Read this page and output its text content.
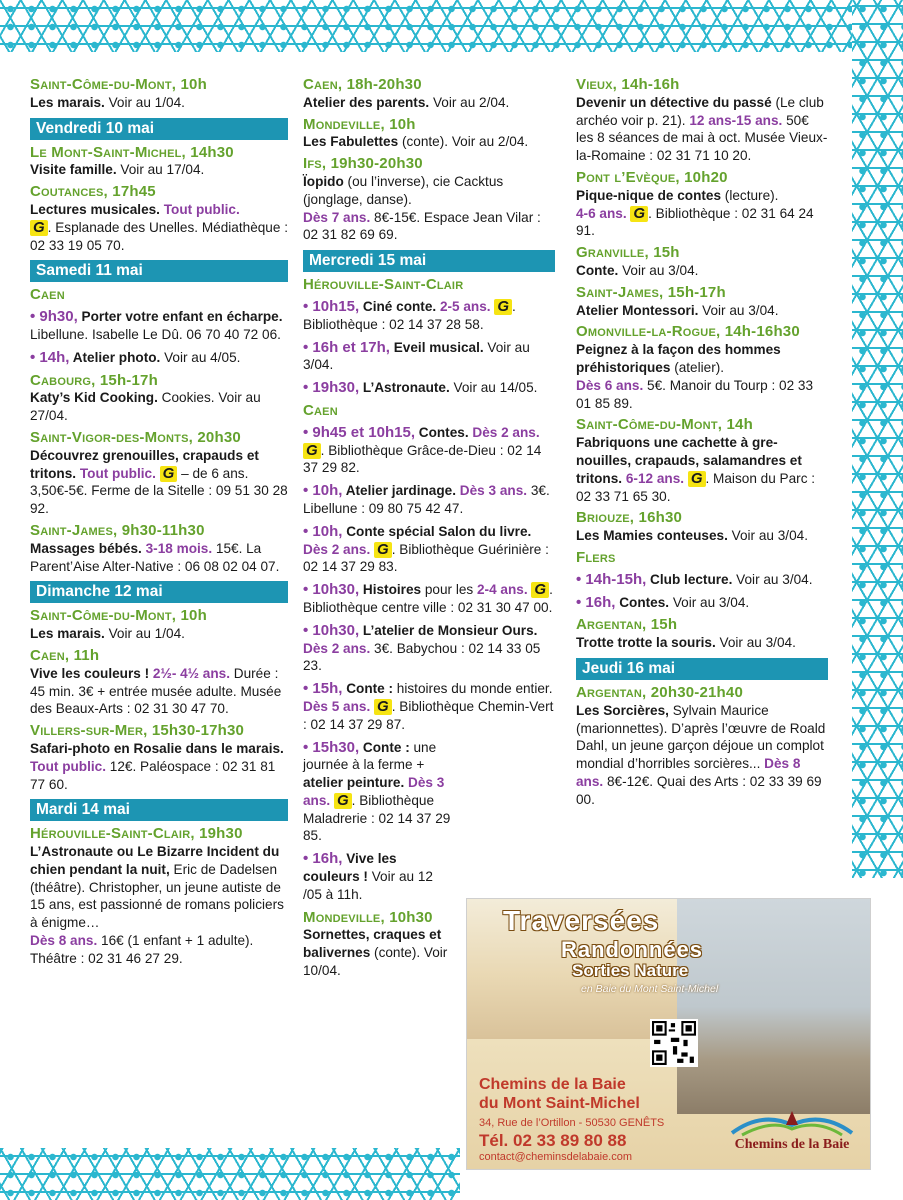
Saint-Côme-du-Mont, 10h
Les marais. Voir au 1/04.
Vendredi 10 mai
Le Mont-Saint-Michel, 14h30
Visite famille. Voir au 17/04.
Coutances, 17h45
Lectures musicales. Tout public.
G . Esplanade des Unelles. Médiathèque : 02 33 19 05 70.
Samedi 11 mai
Caen
• 9h30, Porter votre enfant en écharpe. Libellune. Isabelle Le Dû. 06 70 40 72 06.
• 14h, Atelier photo. Voir au 4/05.
Cabourg, 15h-17h
Katy’s Kid Cooking. Cookies. Voir au 27/04.
Saint-Vigor-des-Monts, 20h30
Découvrez grenouilles, crapauds et tritons. Tout public. G – de 6 ans. 3,50€-5€. Ferme de la Sitelle : 09 51 30 28 92.
Saint-James, 9h30-11h30
Massages bébés. 3-18 mois. 15€. La Parent’Aise Alter-Native : 06 08 02 04 07.
Dimanche 12 mai
Saint-Côme-du-Mont, 10h
Les marais. Voir au 1/04.
Caen, 11h
Vive les couleurs ! 2½- 4½ ans. Durée : 45 min. 3€ + entrée musée adulte. Musée des Beaux-Arts : 02 31 30 47 70.
Villers-sur-Mer, 15h30-17h30
Safari-photo en Rosalie dans le marais. Tout public. 12€. Paléospace : 02 31 81 77 60.
Mardi 14 mai
Hérouville-Saint-Clair, 19h30
L’Astronaute ou Le Bizarre Incident du chien pendant la nuit, Eric de Dadelsen (théâtre). Christopher, un jeune autiste de 15 ans, est passionné de romans policiers à énigme…
Dès 8 ans. 16€ (1 enfant + 1 adulte). Théâtre : 02 31 46 27 29.
Caen, 18h-20h30
Atelier des parents. Voir au 2/04.
Mondeville, 10h
Les Fabulettes (conte). Voir au 2/04.
Ifs, 19h30-20h30
Ïopido (ou l’inverse), cie Cacktus (jonglage, danse).
Dès 7 ans. 8€-15€. Espace Jean Vilar : 02 31 82 69 69.
Mercredi 15 mai
Hérouville-Saint-Clair
• 10h15, Ciné conte. 2-5 ans. G . Bibliothèque : 02 14 37 28 58.
• 16h et 17h, Eveil musical. Voir au 3/04.
• 19h30, L’Astronaute. Voir au 14/05.
Caen
• 9h45 et 10h15, Contes. Dès 2 ans. G . Bibliothèque Grâce-de-Dieu : 02 14 37 29 82.
• 10h, Atelier jardinage. Dès 3 ans. 3€. Libellune : 09 80 75 42 47.
• 10h, Conte spécial Salon du livre. Dès 2 ans. G . Bibliothèque Guérinière : 02 14 37 29 83.
• 10h30, Histoires pour les 2-4 ans. G . Bibliothèque centre ville : 02 31 30 47 00.
• 10h30, L’atelier de Monsieur Ours. Dès 2 ans. 3€. Babychou : 02 14 33 05 23.
• 15h, Conte : histoires du monde entier. Dès 5 ans. G . Bibliothèque Chemin-Vert : 02 14 37 29 87.
• 15h30, Conte : une journée à la ferme + atelier peinture. Dès 3 ans. G . Bibliothèque Maladrerie : 02 14 37 29 85.
• 16h, Vive les couleurs ! Voir au 12 /05 à 11h.
Mondeville, 10h30
Sornettes, craques et balivernes (conte). Voir 10/04.
Vieux, 14h-16h
Devenir un détective du passé (Le club archéo voir p. 21). 12 ans-15 ans. 50€ les 8 séances de mai à oct. Musée Vieux-la-Romaine : 02 31 71 10 20.
Pont l’Evèque, 10h20
Pique-nique de contes (lecture).
4-6 ans. G . Bibliothèque : 02 31 64 24 91.
Granville, 15h
Conte. Voir au 3/04.
Saint-James, 15h-17h
Atelier Montessori. Voir au 3/04.
Omonville-la-Rogue, 14h-16h30
Peignez à la façon des hommes préhistoriques (atelier).
Dès 6 ans. 5€. Manoir du Tourp : 02 33 01 85 89.
Saint-Côme-du-Mont, 14h
Fabriquons une cachette à grenouilles, crapauds, salamandres et tritons. 6-12 ans. G . Maison du Parc : 02 33 71 65 30.
Briouze, 16h30
Les Mamies conteuses. Voir au 3/04.
Flers
• 14h-15h, Club lecture. Voir au 3/04.
• 16h, Contes. Voir au 3/04.
Argentan, 15h
Trotte trotte la souris. Voir au 3/04.
Jeudi 16 mai
Argentan, 20h30-21h40
Les Sorcières, Sylvain Maurice (marionnettes). D’après l’œuvre de Roald Dahl, un jeune garçon déjoue un complot mondial d’horribles sorcières... Dès 8 ans. 8€-12€. Quai des Arts : 02 33 39 69 00.
Traversées
Randonnées
Sorties Nature
en Baie du Mont Saint-Michel
Chemins de la Baie
du Mont Saint-Michel
34, Rue de l’Ortillon - 50530 GENÊTS
Tél. 02 33 89 80 88
contact@cheminsdelabaie.com
Chemins de la Baie
